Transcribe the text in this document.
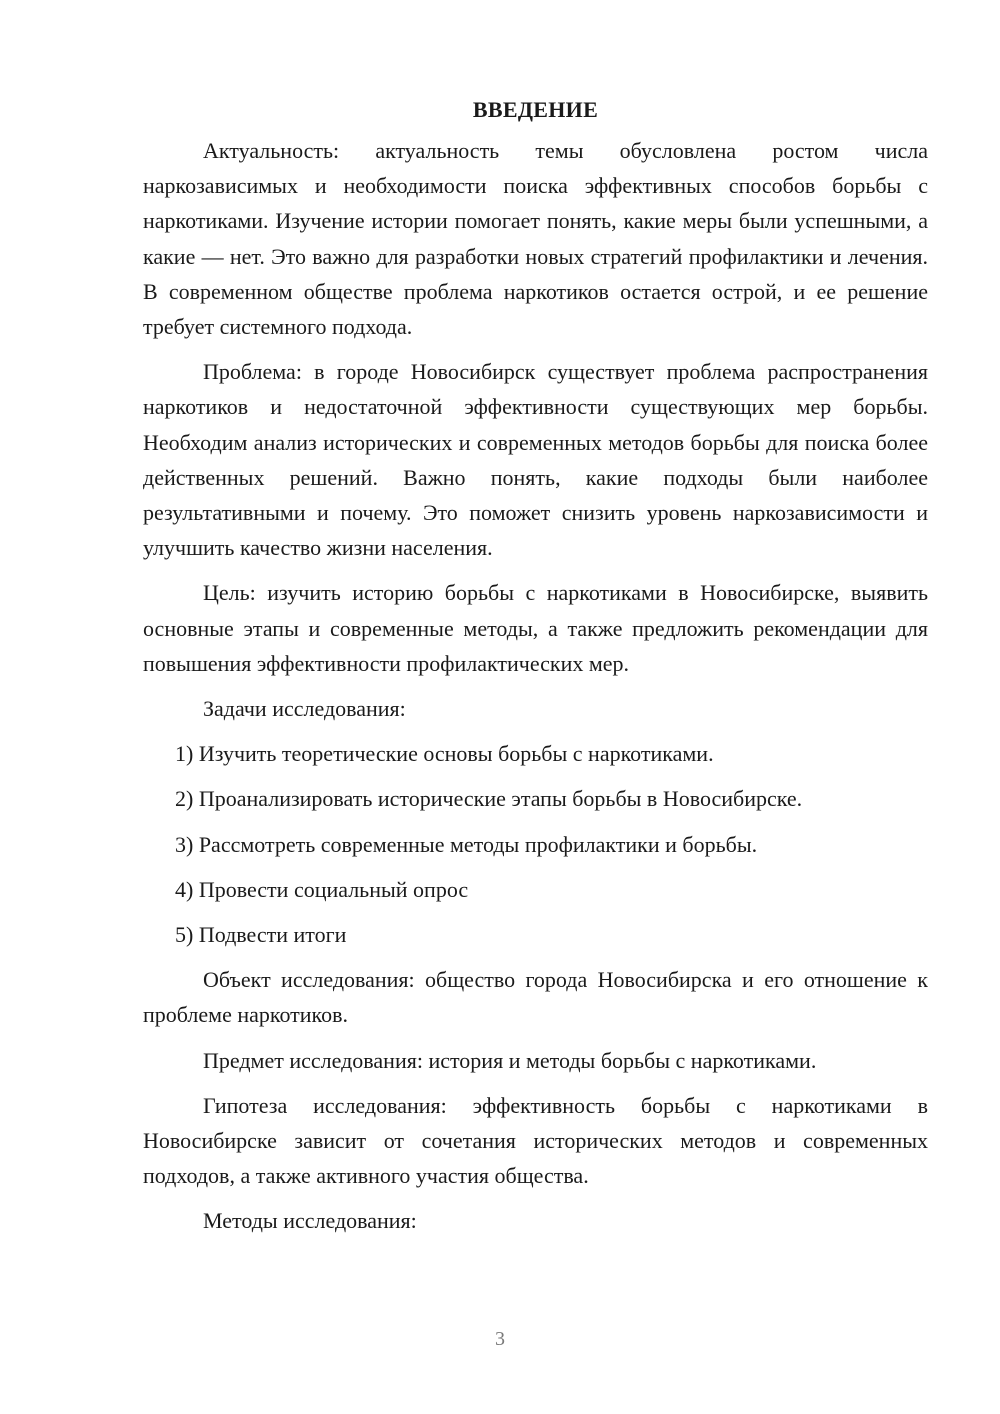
ВВЕДЕНИЕ

Актуальность: актуальность темы обусловлена ростом числа наркозависимых и необходимости поиска эффективных способов борьбы с наркотиками. Изучение истории помогает понять, какие меры были успешными, а какие — нет. Это важно для разработки новых стратегий профилактики и лечения. В современном обществе проблема наркотиков остается острой, и ее решение требует системного подхода.

Проблема: в городе Новосибирск существует проблема распространения наркотиков и недостаточной эффективности существующих мер борьбы. Необходим анализ исторических и современных методов борьбы для поиска более действенных решений. Важно понять, какие подходы были наиболее результативными и почему. Это поможет снизить уровень наркозависимости и улучшить качество жизни населения.

Цель: изучить историю борьбы с наркотиками в Новосибирске, выявить основные этапы и современные методы, а также предложить рекомендации для повышения эффективности профилактических мер.

Задачи исследования:

1) Изучить теоретические основы борьбы с наркотиками.
2) Проанализировать исторические этапы борьбы в Новосибирске.
3) Рассмотреть современные методы профилактики и борьбы.
4) Провести социальный опрос
5) Подвести итоги

Объект исследования: общество города Новосибирска и его отношение к проблеме наркотиков.

Предмет исследования: история и методы борьбы с наркотиками.

Гипотеза исследования: эффективность борьбы с наркотиками в Новосибирске зависит от сочетания исторических методов и современных подходов, а также активного участия общества.

Методы исследования:

3
